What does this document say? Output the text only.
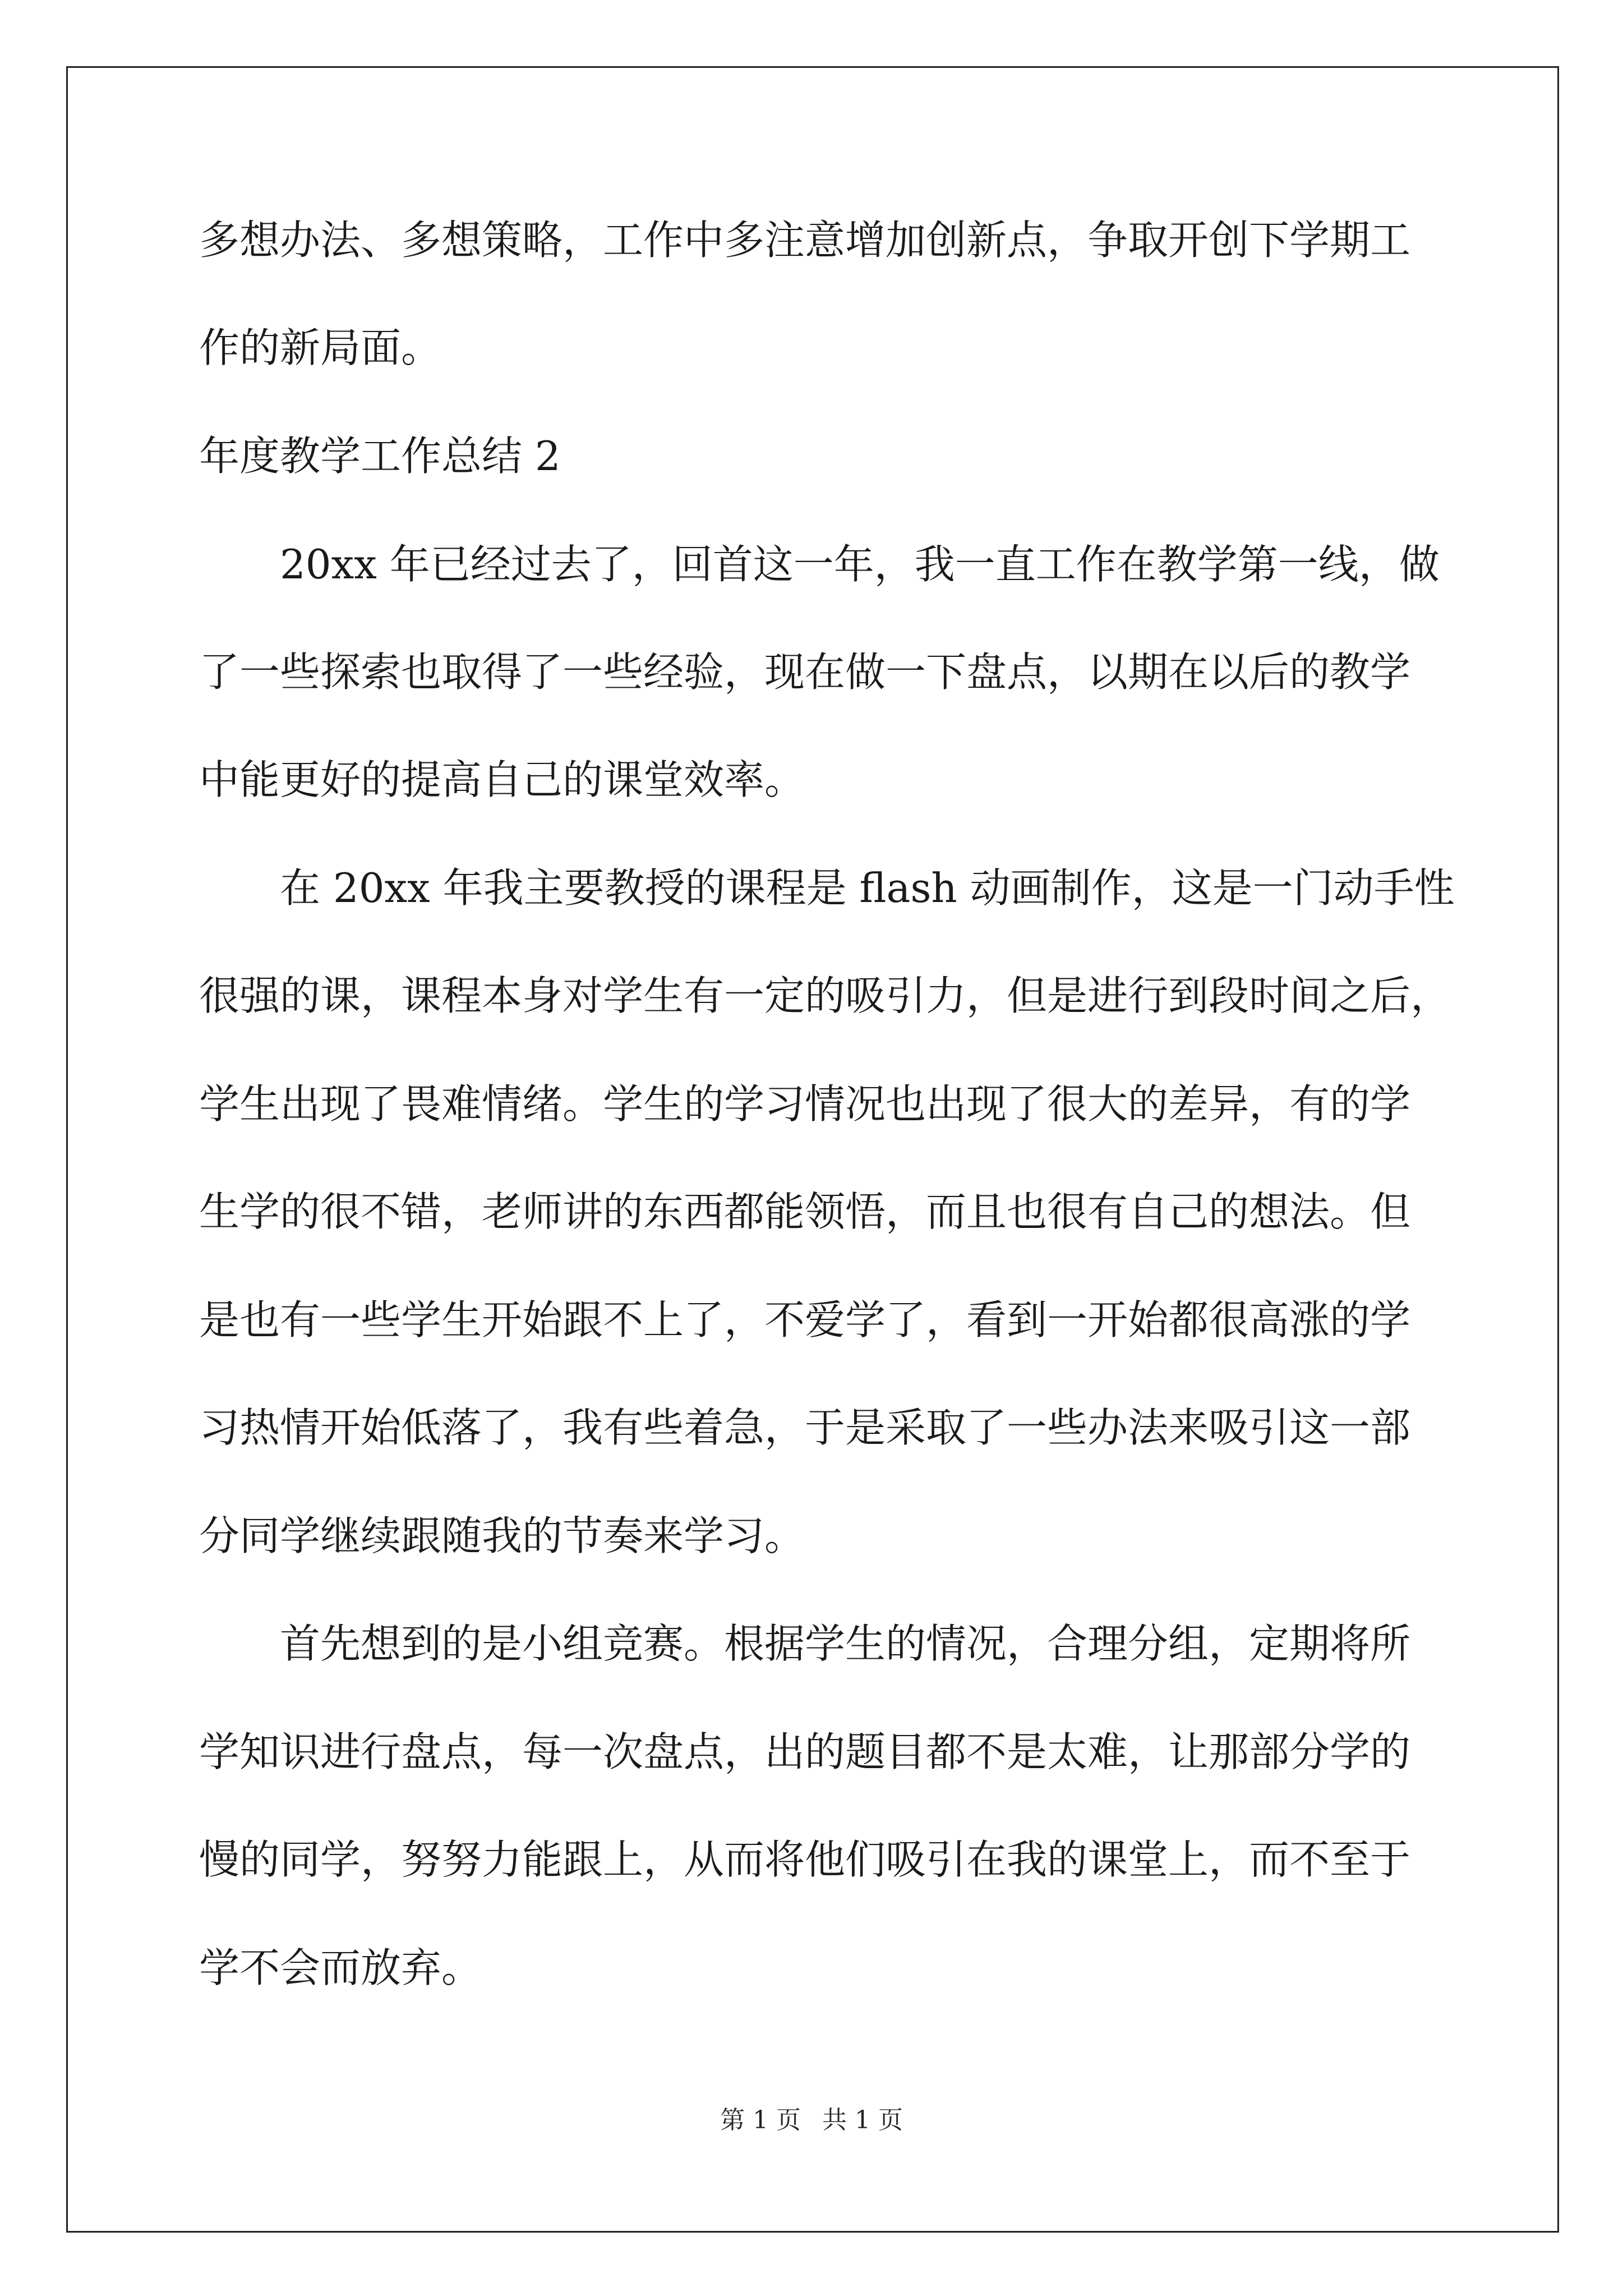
多想办法、多想策略，工作中多注意增加创新点，争取开创下学期工

作的新局面。

年度教学工作总结 2

　　20xx 年已经过去了，回首这一年，我一直工作在教学第一线，做

了一些探索也取得了一些经验，现在做一下盘点，以期在以后的教学

中能更好的提高自己的课堂效率。

　　在 20xx 年我主要教授的课程是 flash 动画制作，这是一门动手性

很强的课，课程本身对学生有一定的吸引力，但是进行到段时间之后，

学生出现了畏难情绪。学生的学习情况也出现了很大的差异，有的学

生学的很不错，老师讲的东西都能领悟，而且也很有自己的想法。但

是也有一些学生开始跟不上了，不爱学了，看到一开始都很高涨的学

习热情开始低落了，我有些着急，于是采取了一些办法来吸引这一部

分同学继续跟随我的节奏来学习。

　　首先想到的是小组竞赛。根据学生的情况，合理分组，定期将所

学知识进行盘点，每一次盘点，出的题目都不是太难，让那部分学的

慢的同学，努努力能跟上，从而将他们吸引在我的课堂上，而不至于

学不会而放弃。

第 1 页 共 1 页
